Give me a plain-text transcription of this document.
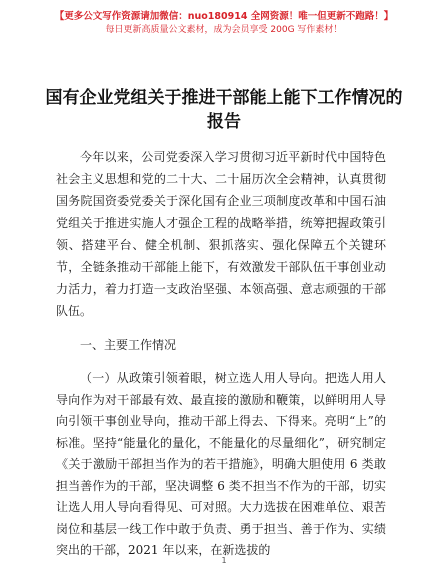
【更多公文写作资源请加微信：nuo180914 全网资源！唯一但更新不跑路！】
每日更新高质量公文素材，成为会员享受 200G 写作素材！
国有企业党组关于推进干部能上能下工作情况的报告

今年以来，公司党委深入学习贯彻习近平新时代中国特色社会主义思想和党的二十大、二十届历次全会精神，认真贯彻国务院国资委党委关于深化国有企业三项制度改革和中国石油党组关于推进实施人才强企工程的战略举措，统筹把握政策引领、搭建平台、健全机制、狠抓落实、强化保障五个关键环节，全链条推动干部能上能下，有效激发干部队伍干事创业动力活力，着力打造一支政治坚强、本领高强、意志顽强的干部队伍。

一、主要工作情况

（一）从政策引领着眼，树立选人用人导向。把选人用人导向作为对干部最有效、最直接的激励和鞭策，以鲜明用人导向引领干事创业导向，推动干部上得去、下得来。亮明“上”的标准。坚持“能量化的量化，不能量化的尽量细化”，研究制定《关于激励干部担当作为的若干措施》，明确大胆使用 6 类敢担当善作为的干部，坚决调整 6 类不担当不作为的干部，切实让选人用人导向看得见、可对照。大力选拔在困难单位、艰苦岗位和基层一线工作中敢于负责、勇于担当、善于作为、实绩突出的干部，2021 年以来，在新选拔的

1
